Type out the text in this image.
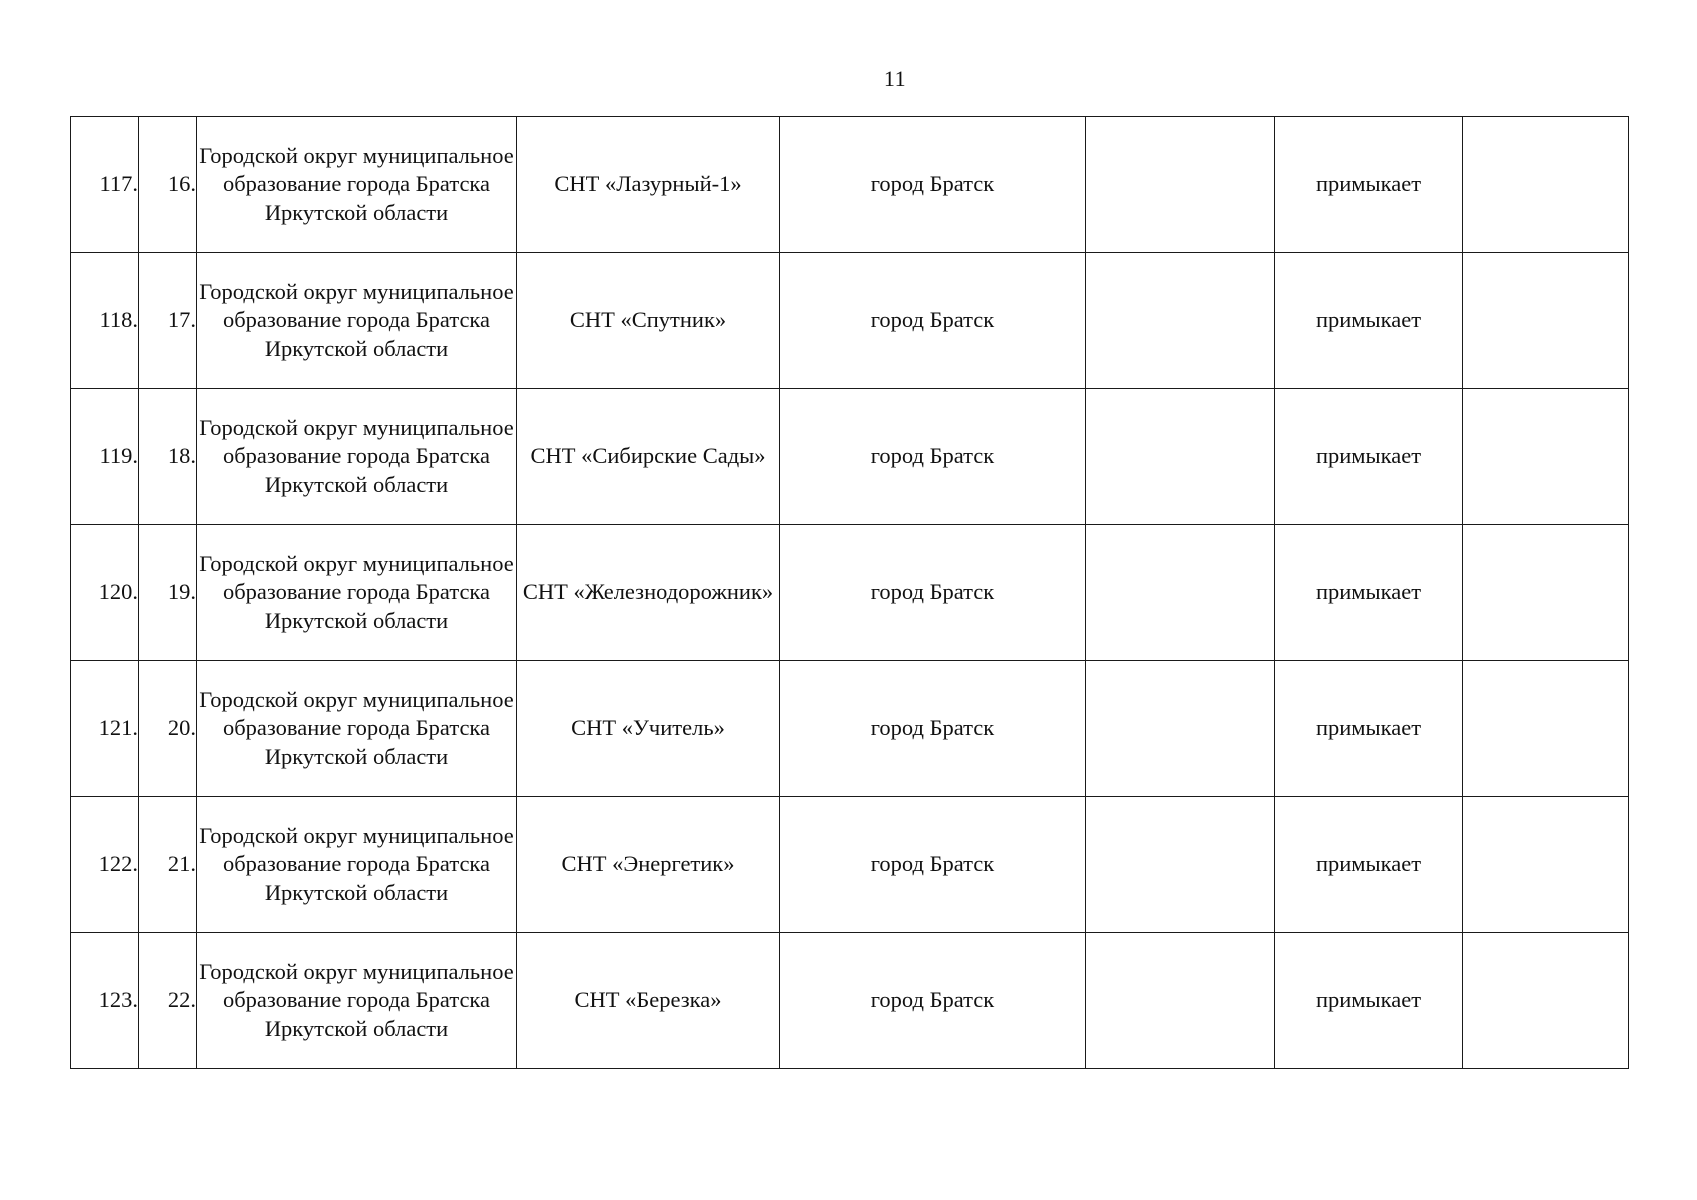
11
117.	16.	Городской округ муниципальное образование города Братска Иркутской области	СНТ «Лазурный-1»	город Братск		примыкает	
118.	17.	Городской округ муниципальное образование города Братска Иркутской области	СНТ «Спутник»	город Братск		примыкает	
119.	18.	Городской округ муниципальное образование города Братска Иркутской области	СНТ «Сибирские Сады»	город Братск		примыкает	
120.	19.	Городской округ муниципальное образование города Братска Иркутской области	СНТ «Железнодорожник»	город Братск		примыкает	
121.	20.	Городской округ муниципальное образование города Братска Иркутской области	СНТ «Учитель»	город Братск		примыкает	
122.	21.	Городской округ муниципальное образование города Братска Иркутской области	СНТ «Энергетик»	город Братск		примыкает	
123.	22.	Городской округ муниципальное образование города Братска Иркутской области	СНТ «Березка»	город Братск		примыкает	
